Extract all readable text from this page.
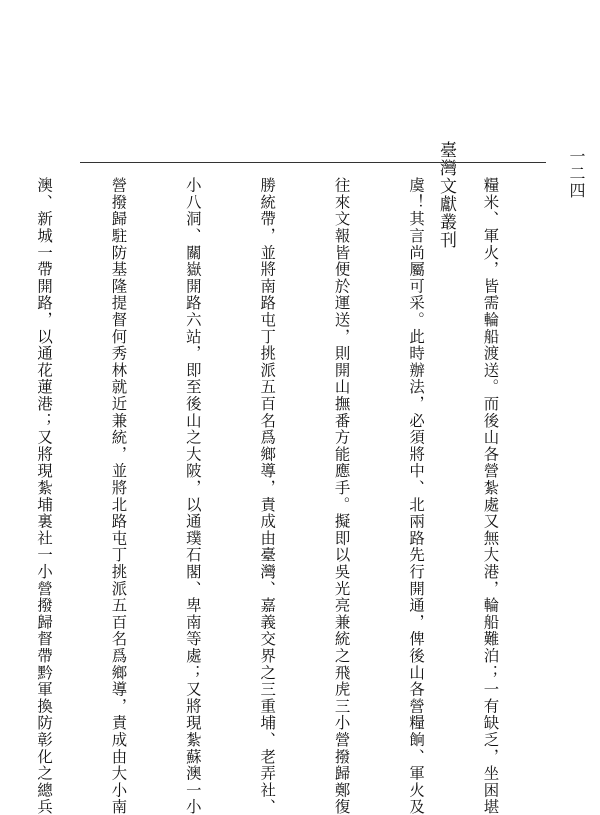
臺灣文獻叢刊	一二四

糧米、軍火，皆需輪船渡送。而後山各營紮處又無大港，輪船難泊；一有缺乏，坐困堪

虞！其言尚屬可采。此時辦法，必須將中、北兩路先行開通，俾後山各營糧餉、軍火及

往來文報皆便於運送，則開山撫番方能應手。擬即以吳光亮兼統之飛虎三小營撥歸鄭復

勝統帶，並將南路屯丁挑派五百名爲鄉導，責成由臺灣、嘉義交界之三重埔、老弄社、

小八洞、關嶽開路六站，即至後山之大陂，以通璞石閣、卑南等處；又將現紮蘇澳一小

營撥歸駐防基隆提督何秀林就近兼統，並將北路屯丁挑派五百名爲鄉導，責成由大小南

澳、新城一帶開路，以通花蓮港；又將現紮埔裏社一小營撥歸督帶黔軍換防彰化之總兵
